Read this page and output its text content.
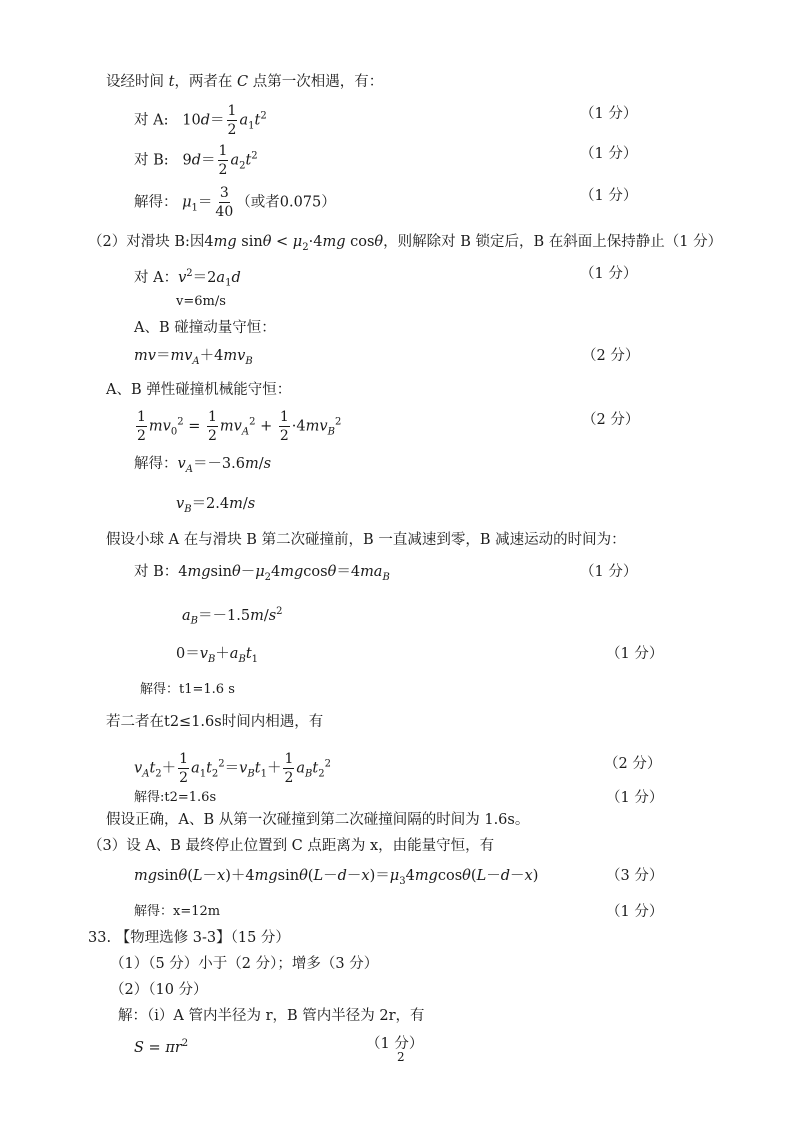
设经时间 t，两者在 C 点第一次相遇，有：
对 A:   $10d= \frac{1}{2} a_1t^2$	（1 分）
对 B:   $9d= \frac{1}{2} a_2t^2$	（1 分）
解得： $\mu_1= \frac{3}{40}$ （或者0.075）	（1 分）
（2）对滑块 B:因4mg $\sin\theta < \mu_2\cdot 4mg$ cosθ，则解除对 B 锁定后，B 在斜面上保持静止（1 分）
对 A：$v^2=2a_1d$	（1 分）
v=6m/s
A、B 碰撞动量守恒：
$mv=mv_A+4mv_B$	（2 分）
A、B 弹性碰撞机械能守恒：
$\frac{1}{2} mv_0^2 = \frac{1}{2} mv_A^2 + \frac{1}{2} \cdot 4mv_B^2$	（2 分）
解得：$v_A=-3.6m/s$
$v_B=2.4m/s$
假设小球 A 在与滑块 B 第二次碰撞前，B 一直减速到零，B 减速运动的时间为：
对 B：$4mgsin\theta-\mu_24mgcos\theta=4ma_B$	（1 分）
$a_B=-1.5m/s^2$
$0=v_B+a_Bt_1$	（1 分）
解得：t1=1.6 s
若二者在t2≤1.6s时间内相遇，有
$v_At_2+ \frac{1}{2} a_1t_2^2=v_Bt_1+ \frac{1}{2} a_Bt_2^2$	（2 分）
解得:t2=1.6s	（1 分）
假设正确，A、B 从第一次碰撞到第二次碰撞间隔的时间为 1.6s。
（3）设 A、B 最终停止位置到 C 点距离为 x，由能量守恒，有
$mgsin\theta(L-x)+4mgsin\theta(L-d-x)=\mu_34mgcos\theta(L-d-x)$	（3 分）
解得：x=12m	（1 分）
33. 【物理选修 3-3】（15 分）
（1）（5 分）小于（2 分）；增多（3 分）
（2）（10 分）
解：（i）A 管内半径为 r，B 管内半径为 2r，有
$S = \pi r^2$	（1 分）
2
